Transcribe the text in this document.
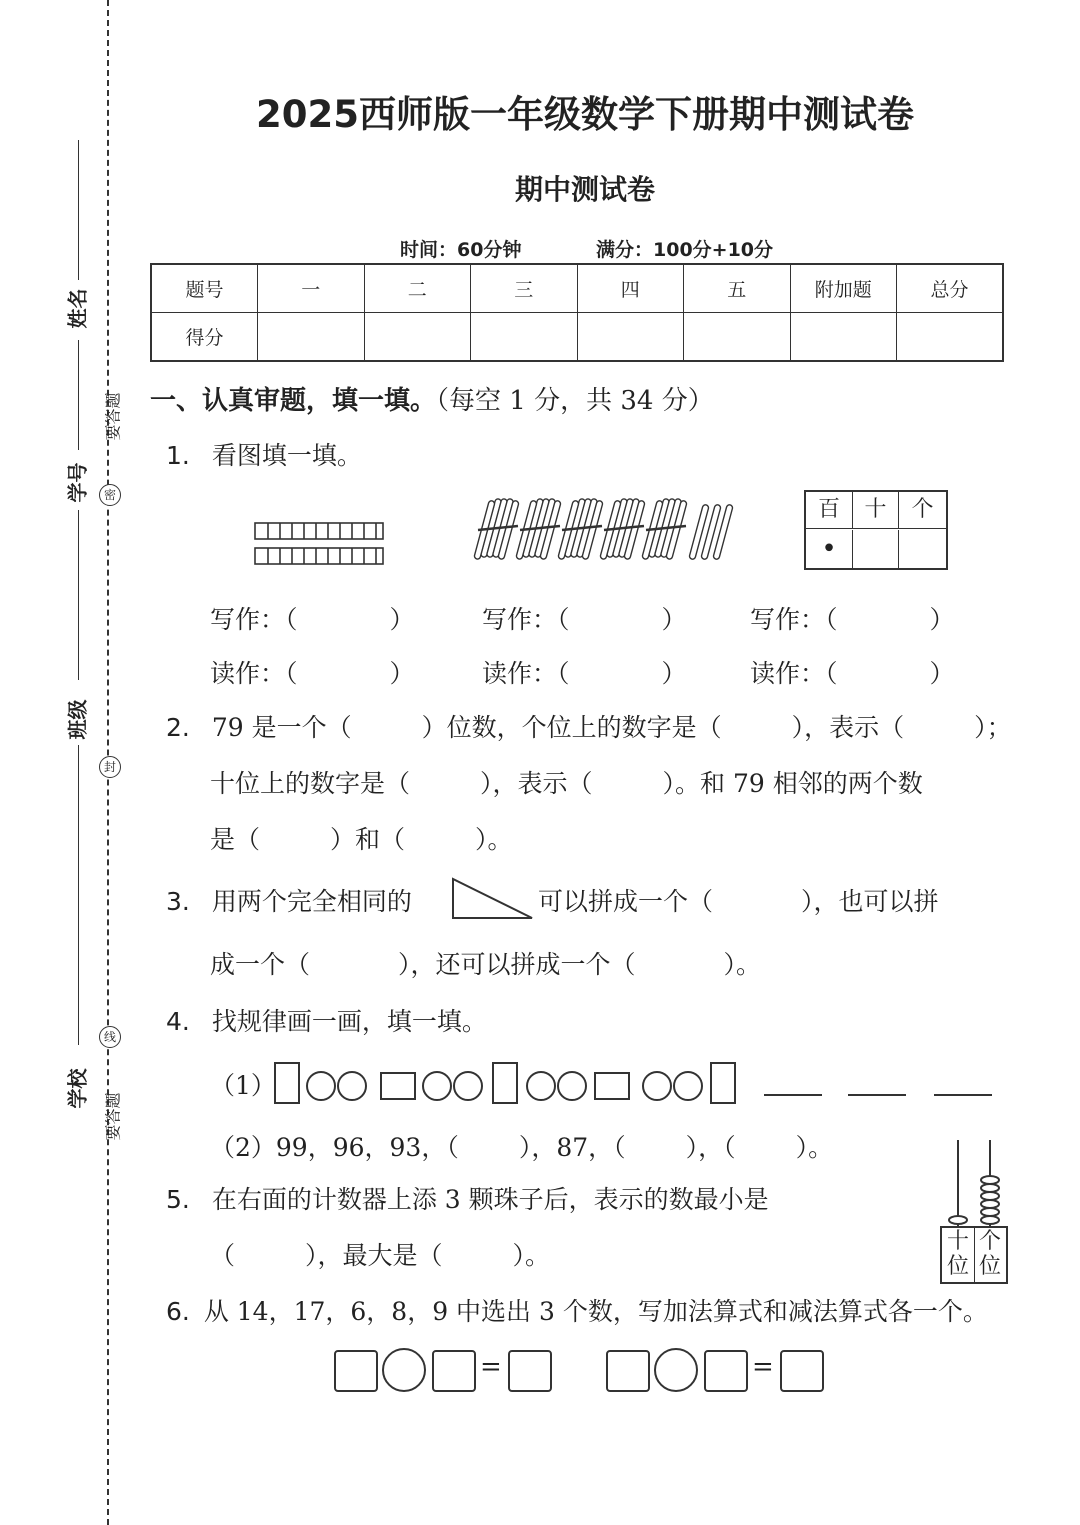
姓名
学号
班级
学校
要答题
密
封
线
要答题
2025西师版一年级数学下册期中测试卷
期中测试卷
时间：60分钟	满分：100分+10分
题号	一	二	三	四	五	附加题	总分
得分							
一、认真审题，填一填。（每空 1 分，共 34 分）
1. 看图填一填。
百	十	个
•
写作：（	）	写作：（	）	写作：（	）
读作：（	）	读作：（	）	读作：（	）
2. 79 是一个（	）位数，个位上的数字是（	），表示（	）；
十位上的数字是（	），表示（	）。和 79 相邻的两个数
是（	）和（	）。
3. 用两个完全相同的	可以拼成一个（	），也可以拼
成一个（	），还可以拼成一个（	）。
4. 找规律画一画，填一填。
（1）
（2）99，96，93，（ ），87，（ ），（ ）。
5. 在右面的计数器上添 3 颗珠子后，表示的数最小是
（	），最大是（	）。	十位
个位
6. 从 14，17，6，8，9 中选出 3 个数，写加法算式和减法算式各一个。
=	=
